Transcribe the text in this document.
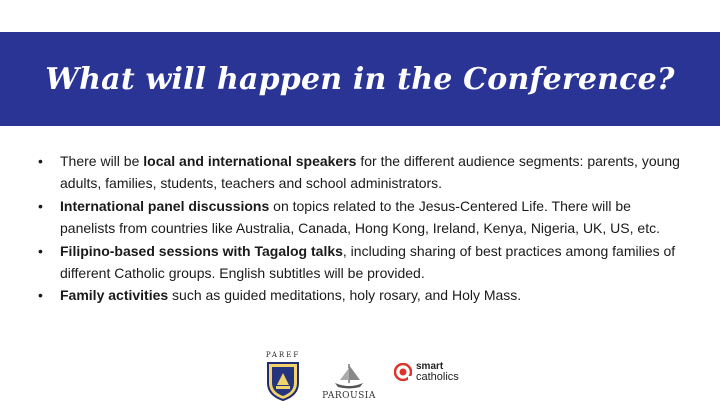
What will happen in the Conference?
• There will be local and international speakers for the different audience segments: parents, young adults, families, students, teachers and school administrators.
• International panel discussions on topics related to the Jesus-Centered Life. There will be panelists from countries like Australia, Canada, Hong Kong, Ireland, Kenya, Nigeria, UK, US, etc.
• Filipino-based sessions with Tagalog talks, including sharing of best practices among families of different Catholic groups. English subtitles will be provided.
• Family activities such as guided meditations, holy rosary, and Holy Mass.
PAREF
PAROUSIA
smart
catholics
